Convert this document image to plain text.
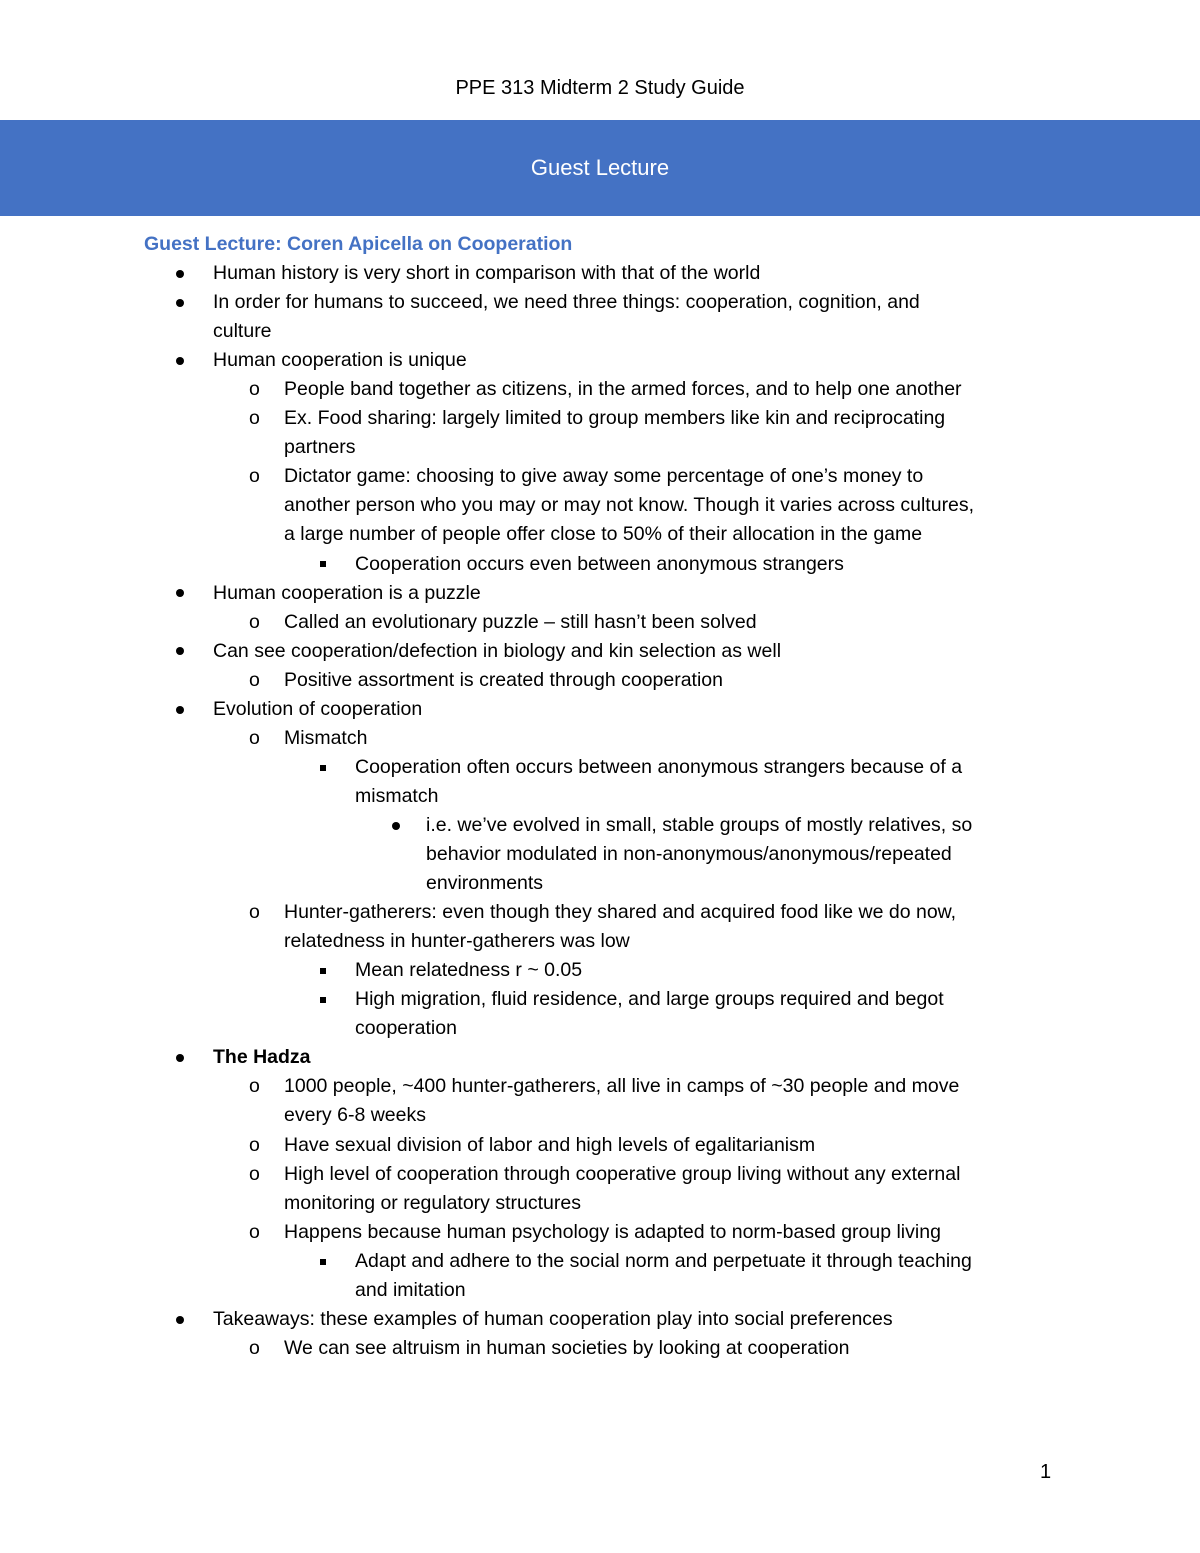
PPE 313 Midterm 2 Study Guide
Guest Lecture
Guest Lecture: Coren Apicella on Cooperation
Human history is very short in comparison with that of the world
In order for humans to succeed, we need three things: cooperation, cognition, and
culture
Human cooperation is unique
o People band together as citizens, in the armed forces, and to help one another
o Ex. Food sharing: largely limited to group members like kin and reciprocating
partners
o Dictator game: choosing to give away some percentage of one’s money to
another person who you may or may not know. Though it varies across cultures,
a large number of people offer close to 50% of their allocation in the game
Cooperation occurs even between anonymous strangers
Human cooperation is a puzzle
o Called an evolutionary puzzle – still hasn’t been solved
Can see cooperation/defection in biology and kin selection as well
o Positive assortment is created through cooperation
Evolution of cooperation
o Mismatch
Cooperation often occurs between anonymous strangers because of a
mismatch
i.e. we’ve evolved in small, stable groups of mostly relatives, so
behavior modulated in non-anonymous/anonymous/repeated
environments
o Hunter-gatherers: even though they shared and acquired food like we do now,
relatedness in hunter-gatherers was low
Mean relatedness r ~ 0.05
High migration, fluid residence, and large groups required and begot
cooperation
The Hadza
o 1000 people, ~400 hunter-gatherers, all live in camps of ~30 people and move
every 6-8 weeks
o Have sexual division of labor and high levels of egalitarianism
o High level of cooperation through cooperative group living without any external
monitoring or regulatory structures
o Happens because human psychology is adapted to norm-based group living
Adapt and adhere to the social norm and perpetuate it through teaching
and imitation
Takeaways: these examples of human cooperation play into social preferences
o We can see altruism in human societies by looking at cooperation
1
